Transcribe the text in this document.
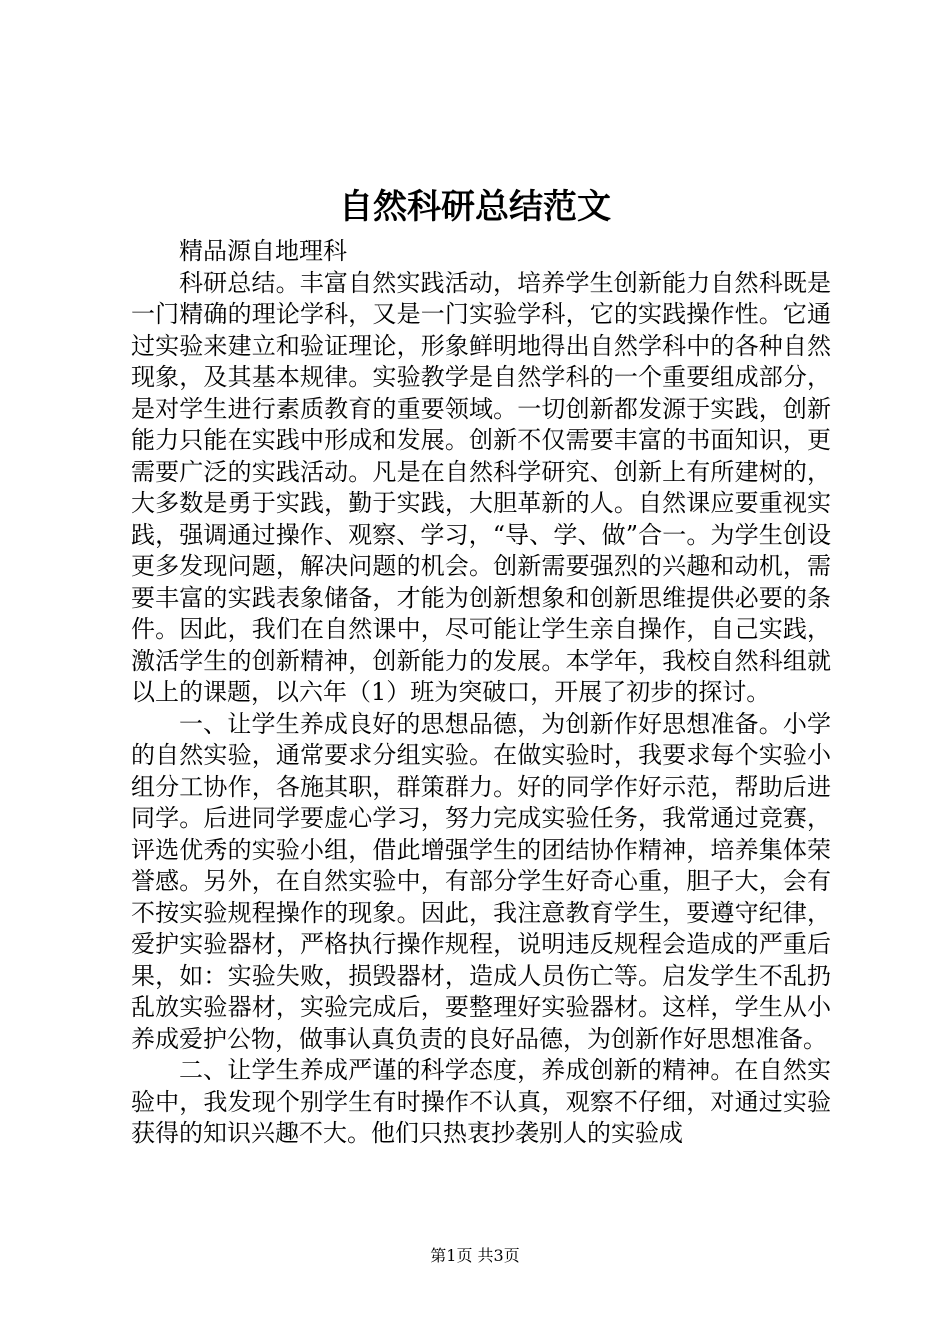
自然科研总结范文

精品源自地理科

科研总结。丰富自然实践活动，培养学生创新能力自然科既是一门精确的理论学科，又是一门实验学科，它的实践操作性。它通过实验来建立和验证理论，形象鲜明地得出自然学科中的各种自然现象，及其基本规律。实验教学是自然学科的一个重要组成部分，是对学生进行素质教育的重要领域。一切创新都发源于实践，创新能力只能在实践中形成和发展。创新不仅需要丰富的书面知识，更需要广泛的实践活动。凡是在自然科学研究、创新上有所建树的，大多数是勇于实践，勤于实践，大胆革新的人。自然课应要重视实践，强调通过操作、观察、学习，“导、学、做”合一。为学生创设更多发现问题，解决问题的机会。创新需要强烈的兴趣和动机，需要丰富的实践表象储备，才能为创新想象和创新思维提供必要的条件。因此，我们在自然课中，尽可能让学生亲自操作，自己实践，激活学生的创新精神，创新能力的发展。本学年，我校自然科组就以上的课题，以六年（1）班为突破口，开展了初步的探讨。

一、让学生养成良好的思想品德，为创新作好思想准备。小学的自然实验，通常要求分组实验。在做实验时，我要求每个实验小组分工协作，各施其职，群策群力。好的同学作好示范，帮助后进同学。后进同学要虚心学习，努力完成实验任务，我常通过竞赛，评选优秀的实验小组，借此增强学生的团结协作精神，培养集体荣誉感。另外，在自然实验中，有部分学生好奇心重，胆子大，会有不按实验规程操作的现象。因此，我注意教育学生，要遵守纪律，爱护实验器材，严格执行操作规程，说明违反规程会造成的严重后果，如：实验失败，损毁器材，造成人员伤亡等。启发学生不乱扔乱放实验器材，实验完成后，要整理好实验器材。这样，学生从小养成爱护公物，做事认真负责的良好品德，为创新作好思想准备。

二、让学生养成严谨的科学态度，养成创新的精神。在自然实验中，我发现个别学生有时操作不认真，观察不仔细，对通过实验获得的知识兴趣不大。他们只热衷抄袭别人的实验成

第1页 共3页
